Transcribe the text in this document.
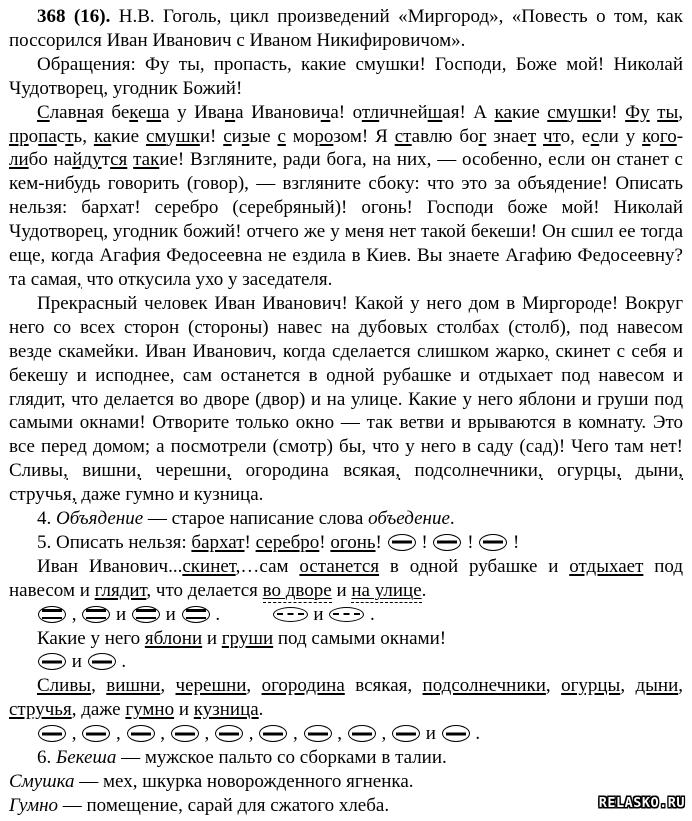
368 (16). Н.В. Гоголь, цикл произведений «Миргород», «Повесть о том, как поссорился Иван Иванович с Иваном Никифировичом».

Обращения: Фу ты, пропасть, какие смушки! Господи, Боже мой! Николай Чудотворец, угодник Божий!

Славная бекеша у Ивана Ивановича! отличнейшая! А какие смушки! Фу ты, пропасть, какие смушки! сизые с морозом! Я ставлю бог знает что, если у кого-либо найдутся такие! Взгляните, ради бога, на них, — особенно, если он станет с кем-нибудь говорить (говор), — взгляните сбоку: что это за объядение! Описать нельзя: бархат! серебро (серебряный)! огонь! Господи боже мой! Николай Чудотворец, угодник божий! отчего же у меня нет такой бекеши! Он сшил ее тогда еще, когда Агафия Федосеевна не ездила в Киев. Вы знаете Агафию Федосеевну? та самая, что откусила ухо у заседателя.

Прекрасный человек Иван Иванович! Какой у него дом в Миргороде! Вокруг него со всех сторон (стороны) навес на дубовых столбах (столб), под навесом везде скамейки. Иван Иванович, когда сделается слишком жарко, скинет с себя и бекешу и исподнее, сам останется в одной рубашке и отдыхает под навесом и глядит, что делается во дворе (двор) и на улице. Какие у него яблони и груши под самыми окнами! Отворите только окно — так ветви и врываются в комнату. Это все перед домом; а посмотрели (смотр) бы, что у него в саду (сад)! Чего там нет! Сливы, вишни, черешни, огородина всякая, подсолнечники, огурцы, дыни, стручья, даже гумно и кузница.

4. Объядение — старое написание слова объедение.

5. Описать нельзя: бархат! серебро! огонь!  !  !  !

Иван Иванович...скинет,…сам останется в одной рубашке и отдыхает под навесом и глядит, что делается во дворе и на улице.

,  и  и  .	и  .

Какие у него яблони и груши под самыми окнами!

и  .

Сливы, вишни, черешни, огородина всякая, подсолнечники, огурцы, дыни, стручья, даже гумно и кузница.

,  ,  ,  ,  ,  ,  ,  ,  и  .

6. Бекеша — мужское пальто со сборками в талии.

Смушка — мех, шкурка новорожденного ягненка.

Гумно — помещение, сарай для сжатого хлеба.	RELASKO.RU
